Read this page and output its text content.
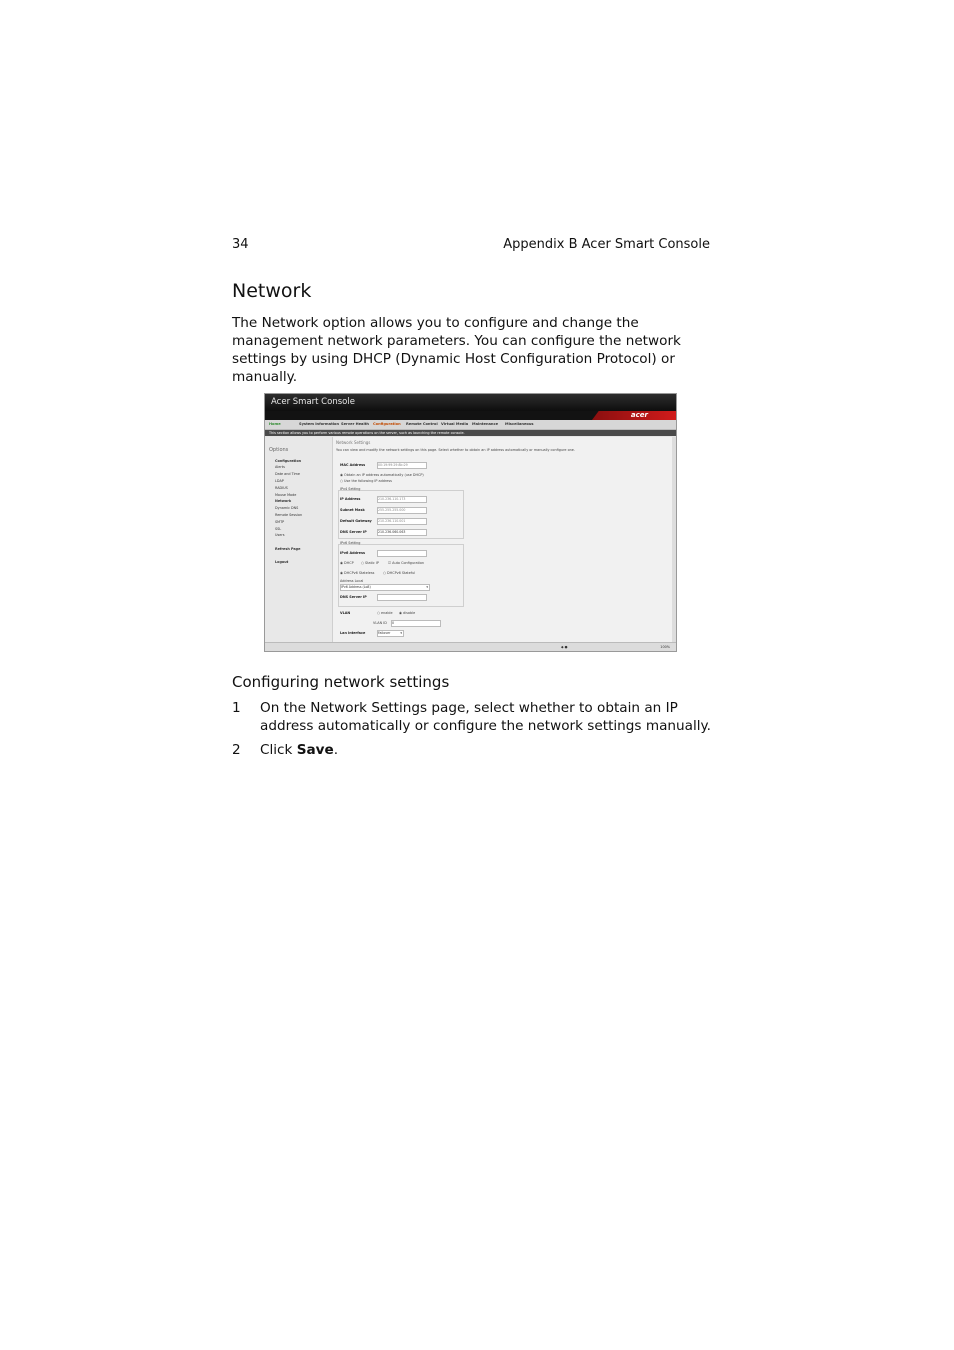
34	Appendix B Acer Smart Console
Network
The Network option allows you to configure and change the
management network parameters. You can configure the network
settings by using DHCP (Dynamic Host Configuration Protocol) or
manually.
Acer Smart Console
acer
Home	System Information Server Health Configuration Remote Control Virtual Media Maintenance Miscellaneous
This section allows you to perform various remote operations on the server, such as launching the remote console.
Options
Configuration
Alerts
Date and Time
LDAP
RADIUS
Mouse Mode
Network
Dynamic DNS
Remote Session
SMTP
SSL
Users
Refresh Page
Logout
Network Settings
You can view and modify the network settings on this page. Select whether to obtain an IP address automatically or manually configure one.
MAC Address	00:19:99:29:8b:29
◉ Obtain an IP address automatically (use DHCP)
○ Use the following IP address
IPv4 Setting
IP Address	210.236.110.173
Subnet Mask	255.255.255.000
Default Gateway	210.236.110.001
DNS Server IP	210.236.060.063
IPv6 Setting
IPv6 Address
◉ DHCP ○ Static IP	☑ Auto Configuration
◉ DHCPv6 Stateless	○ DHCPv6 Stateful
Address Local
IPv6 Address (Lo8)	▾
DNS Server IP
VLAN	○ enable ◉ disable
VLAN ID	0
Lan interface	Failover	▾
◆ ●	100%
Configuring network settings
1 On the Network Settings page, select whether to obtain an IP
address automatically or configure the network settings manually.
2 Click Save.
